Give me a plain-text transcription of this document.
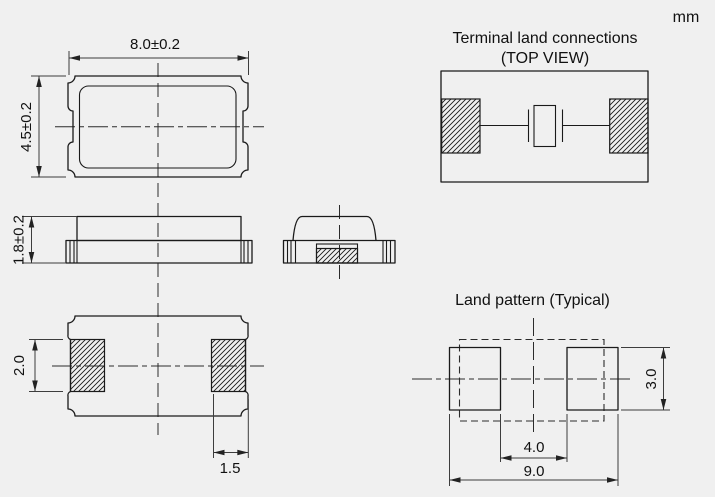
8.0±0.2
4.5±0.2
1.8±0.2
2.0
1.5
mm
Terminal land connections
(TOP VIEW)
Land pattern (Typical)
3.0
4.0
9.0
